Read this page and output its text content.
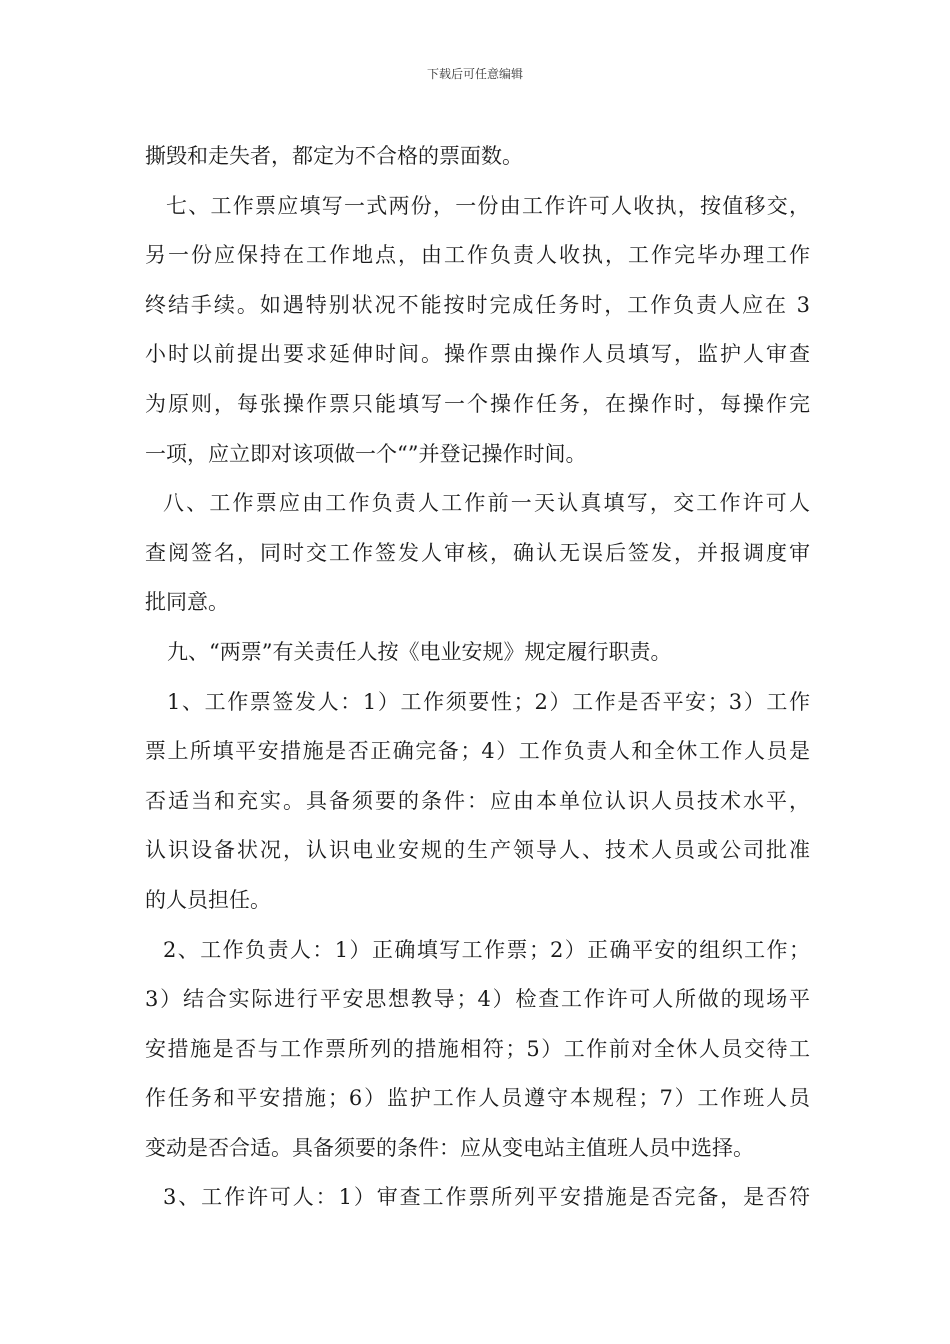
下载后可任意编辑
撕毁和走失者，都定为不合格的票面数。
七、工作票应填写一式两份，一份由工作许可人收执，按值移交，
另一份应保持在工作地点，由工作负责人收执，工作完毕办理工作
终结手续。如遇特别状况不能按时完成任务时，工作负责人应在 3
小时以前提出要求延伸时间。操作票由操作人员填写，监护人审查
为原则，每张操作票只能填写一个操作任务，在操作时，每操作完
一项，应立即对该项做一个“”并登记操作时间。
八、工作票应由工作负责人工作前一天认真填写，交工作许可人
查阅签名，同时交工作签发人审核，确认无误后签发，并报调度审
批同意。
九、“两票”有关责任人按《电业安规》规定履行职责。
1、工作票签发人：1）工作须要性；2）工作是否平安；3）工作
票上所填平安措施是否正确完备；4）工作负责人和全休工作人员是
否适当和充实。具备须要的条件：应由本单位认识人员技术水平，
认识设备状况，认识电业安规的生产领导人、技术人员或公司批准
的人员担任。
2、工作负责人：1）正确填写工作票；2）正确平安的组织工作；
3）结合实际进行平安思想教导；4）检查工作许可人所做的现场平
安措施是否与工作票所列的措施相符；5）工作前对全休人员交待工
作任务和平安措施；6）监护工作人员遵守本规程；7）工作班人员
变动是否合适。具备须要的条件：应从变电站主值班人员中选择。
3、工作许可人：1）审查工作票所列平安措施是否完备，是否符
